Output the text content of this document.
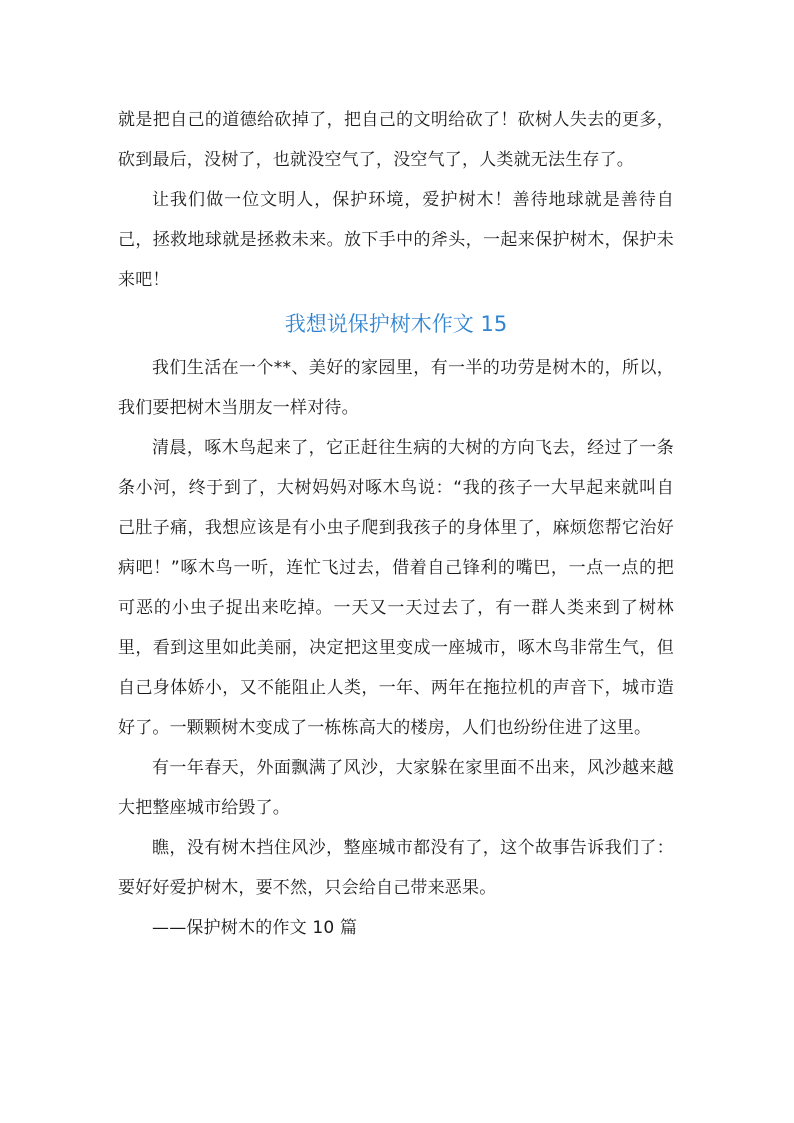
就是把自己的道德给砍掉了，把自己的文明给砍了！砍树人失去的更多，砍到最后，没树了，也就没空气了，没空气了，人类就无法生存了。

让我们做一位文明人，保护环境，爱护树木！善待地球就是善待自己，拯救地球就是拯救未来。放下手中的斧头，一起来保护树木，保护未来吧！

我想说保护树木作文 15

我们生活在一个**、美好的家园里，有一半的功劳是树木的，所以，我们要把树木当朋友一样对待。

清晨，啄木鸟起来了，它正赶往生病的大树的方向飞去，经过了一条条小河，终于到了，大树妈妈对啄木鸟说：“我的孩子一大早起来就叫自己肚子痛，我想应该是有小虫子爬到我孩子的身体里了，麻烦您帮它治好病吧！”啄木鸟一听，连忙飞过去，借着自己锋利的嘴巴，一点一点的把可恶的小虫子捉出来吃掉。一天又一天过去了，有一群人类来到了树林里，看到这里如此美丽，决定把这里变成一座城市，啄木鸟非常生气，但自己身体娇小，又不能阻止人类，一年、两年在拖拉机的声音下，城市造好了。一颗颗树木变成了一栋栋高大的楼房，人们也纷纷住进了这里。

有一年春天，外面飘满了风沙，大家躲在家里面不出来，风沙越来越大把整座城市给毁了。

瞧，没有树木挡住风沙，整座城市都没有了，这个故事告诉我们了：要好好爱护树木，要不然，只会给自己带来恶果。

——保护树木的作文 10 篇
